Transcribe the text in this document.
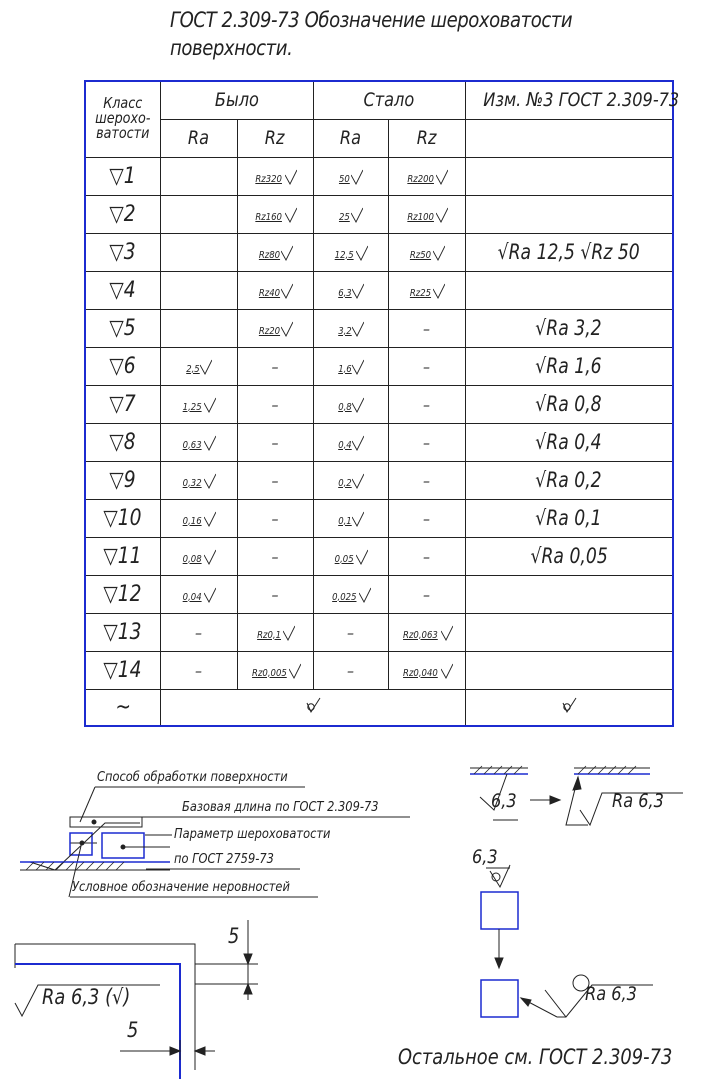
ГОСТ 2.309-73 Обозначение шероховатости
поверхности.
Класс шерохо- ватости	Было		Стало		Изм. №3 ГОСТ 2.309-73
	Ra	Rz	Ra	Rz	
▽1		Rz320	50	Rz200	
▽2		Rz160	25	Rz100	
▽3		Rz80	12,5	Rz50	√Ra 12,5 √Rz 50
▽4		Rz40	6,3	Rz25	
▽5		Rz20	3,2	–	√Ra 3,2
▽6	2,5	–	1,6	–	√Ra 1,6
▽7	1,25	–	0,8	–	√Ra 0,8
▽8	0,63	–	0,4	–	√Ra 0,4
▽9	0,32	–	0,2	–	√Ra 0,2
▽10	0,16	–	0,1	–	√Ra 0,1
▽11	0,08	–	0,05	–	√Ra 0,05
▽12	0,04	–	0,025	–	
▽13	–	Rz0,1	–	Rz0,063	
▽14	–	Rz0,005	–	Rz0,040	
~		
Способ обработки поверхности
Базовая длина по ГОСТ 2.309-73
Параметр шероховатости
по ГОСТ 2759-73
Условное обозначение неровностей
6,3	Ra 6,3
6,3
Ra 6,3
Ra 6,3 (√)
5
5
Остальное см. ГОСТ 2.309-73
